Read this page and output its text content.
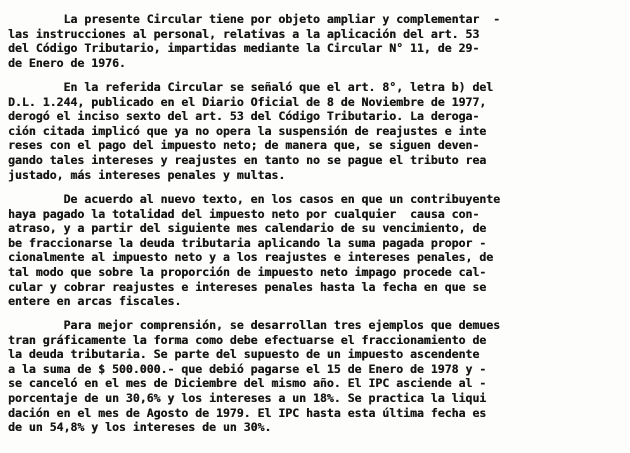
La presente Circular tiene por objeto ampliar y complementar  -
las instrucciones al personal, relativas a la aplicación del art. 53
del Código Tributario, impartidas mediante la Circular N° 11, de 29-
de Enero de 1976.
En la referida Circular se señaló que el art. 8°, letra b) del
D.L. 1.244, publicado en el Diario Oficial de 8 de Noviembre de 1977,
derogó el inciso sexto del art. 53 del Código Tributario. La deroga-
ción citada implicó que ya no opera la suspensión de reajustes e inte
reses con el pago del impuesto neto; de manera que, se siguen deven-
gando tales intereses y reajustes en tanto no se pague el tributo rea
justado, más intereses penales y multas.
De acuerdo al nuevo texto, en los casos en que un contribuyente
haya pagado la totalidad del impuesto neto por cualquier  causa con-
atraso, y a partir del siguiente mes calendario de su vencimiento, de
be fraccionarse la deuda tributaria aplicando la suma pagada propor -
cionalmente al impuesto neto y a los reajustes e intereses penales, de
tal modo que sobre la proporción de impuesto neto impago procede cal-
cular y cobrar reajustes e intereses penales hasta la fecha en que se
entere en arcas fiscales.
Para mejor comprensión, se desarrollan tres ejemplos que demues
tran gráficamente la forma como debe efectuarse el fraccionamiento de
la deuda tributaria. Se parte del supuesto de un impuesto ascendente
a la suma de $ 500.000.- que debió pagarse el 15 de Enero de 1978 y -
se canceló en el mes de Diciembre del mismo año. El IPC asciende al -
porcentaje de un 30,6% y los intereses a un 18%. Se practica la liqui
dación en el mes de Agosto de 1979. El IPC hasta esta última fecha es
de un 54,8% y los intereses de un 30%.
